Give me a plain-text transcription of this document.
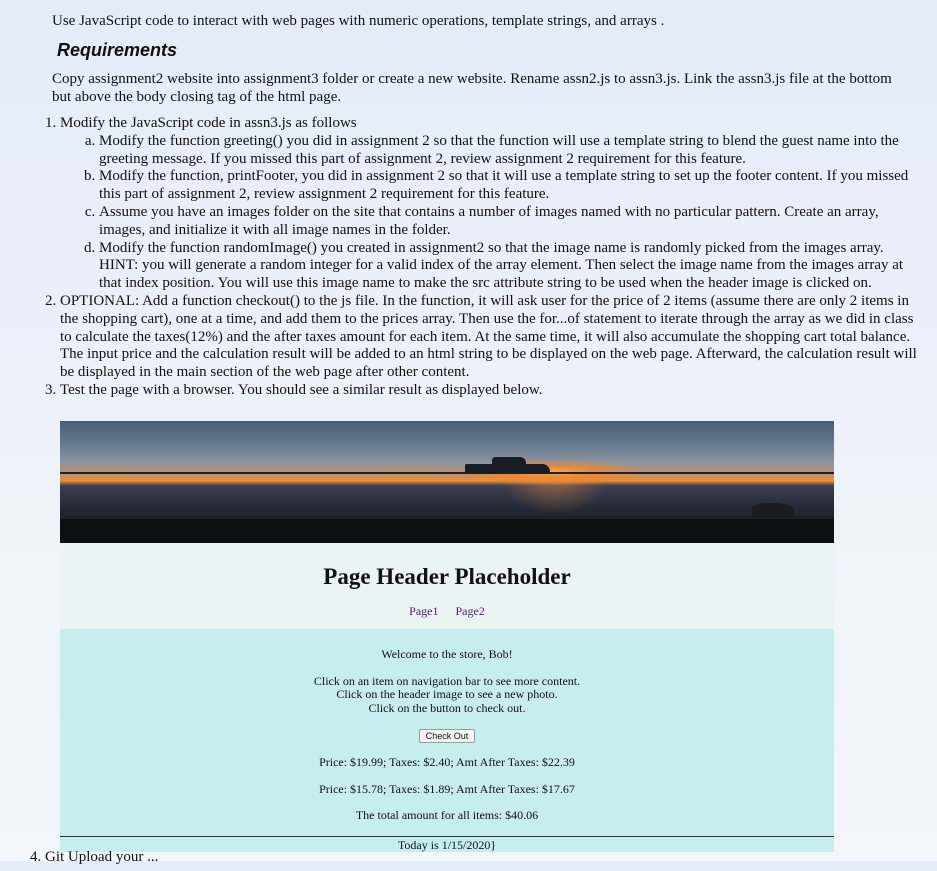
Use JavaScript code to interact with web pages with numeric operations, template strings, and arrays .

Requirements

Copy assignment2 website into assignment3 folder or create a new website. Rename assn2.js to assn3.js. Link the assn3.js file at the bottom but above the body closing tag of the html page.

1. Modify the JavaScript code in assn3.js as follows
a. Modify the function greeting() you did in assignment 2 so that the function will use a template string to blend the guest name into the greeting message. If you missed this part of assignment 2, review assignment 2 requirement for this feature.
b. Modify the function, printFooter, you did in assignment 2 so that it will use a template string to set up the footer content. If you missed this part of assignment 2, review assignment 2 requirement for this feature.
c. Assume you have an images folder on the site that contains a number of images named with no particular pattern. Create an array, images, and initialize it with all image names in the folder.
d. Modify the function randomImage() you created in assignment2 so that the image name is randomly picked from the images array. HINT: you will generate a random integer for a valid index of the array element. Then select the image name from the images array at that index position. You will use this image name to make the src attribute string to be used when the header image is clicked on.
2. OPTIONAL: Add a function checkout() to the js file. In the function, it will ask user for the price of 2 items (assume there are only 2 items in the shopping cart), one at a time, and add them to the prices array. Then use the for...of statement to iterate through the array as we did in class to calculate the taxes(12%) and the after taxes amount for each item. At the same time, it will also accumulate the shopping cart total balance. The input price and the calculation result will be added to an html string to be displayed on the web page. Afterward, the calculation result will be displayed in the main section of the web page after other content.
3. Test the page with a browser. You should see a similar result as displayed below.
Page Header Placeholder
Page1 Page2

Welcome to the store, Bob!

Click on an item on navigation bar to see more content.
Click on the header image to see a new photo.
Click on the button to check out.

Check Out

Price: $19.99; Taxes: $2.40; Amt After Taxes: $22.39

Price: $15.78; Taxes: $1.89; Amt After Taxes: $17.67

The total amount for all items: $40.06

Today is 1/15/2020}
4. Git Upload your ...
